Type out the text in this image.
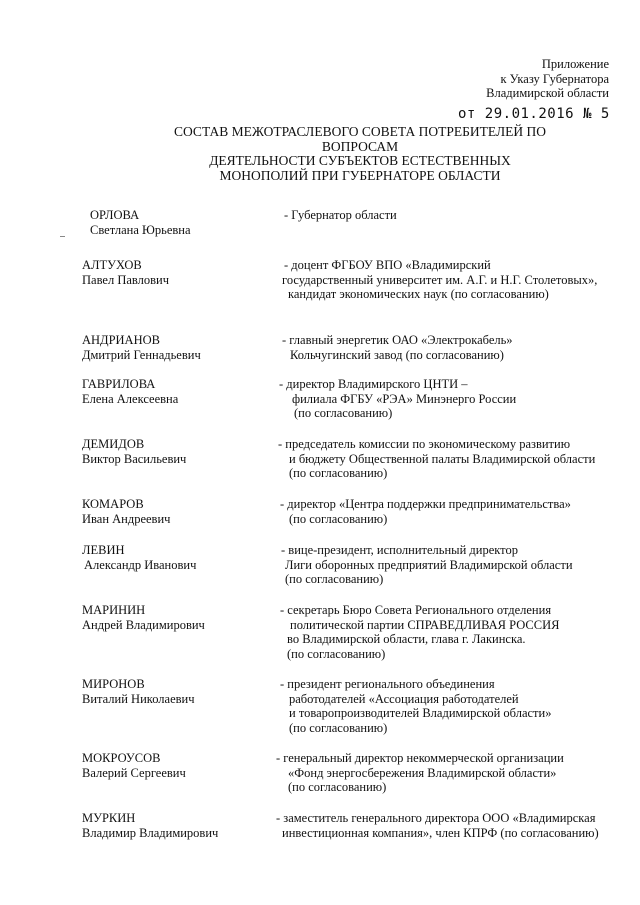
Приложение
к Указу Губернатора
Владимирской области
от 29.01.2016 № 5
СОСТАВ МЕЖОТРАСЛЕВОГО СОВЕТА ПОТРЕБИТЕЛЕЙ ПО ВОПРОСАМ
ДЕЯТЕЛЬНОСТИ СУБЪЕКТОВ ЕСТЕСТВЕННЫХ
МОНОПОЛИЙ ПРИ ГУБЕРНАТОРЕ ОБЛАСТИ
ОРЛОВА
Светлана Юрьевна
- Губернатор области
АЛТУХОВ
Павел Павлович
- доцент ФГБОУ ВПО «Владимирский
государственный университет им. А.Г. и Н.Г. Столетовых»,
кандидат экономических наук (по согласованию)
АНДРИАНОВ
Дмитрий Геннадьевич
- главный энергетик ОАО «Электрокабель»
Кольчугинский завод (по согласованию)
ГАВРИЛОВА
Елена Алексеевна
- директор Владимирского ЦНТИ –
филиала ФГБУ «РЭА» Минэнерго России
(по согласованию)
ДЕМИДОВ
Виктор Васильевич
- председатель комиссии по экономическому развитию
и бюджету Общественной палаты Владимирской области
(по согласованию)
КОМАРОВ
Иван Андреевич
- директор «Центра поддержки предпринимательства»
(по согласованию)
ЛЕВИН
Александр Иванович
- вице-президент, исполнительный директор
Лиги оборонных предприятий Владимирской области
(по согласованию)
МАРИНИН
Андрей Владимирович
- секретарь Бюро Совета Регионального отделения
политической партии СПРАВЕДЛИВАЯ РОССИЯ
во Владимирской области, глава г. Лакинска.
(по согласованию)
МИРОНОВ
Виталий Николаевич
- президент регионального объединения
работодателей «Ассоциация работодателей
и товаропроизводителей Владимирской области»
(по согласованию)
МОКРОУСОВ
Валерий Сергеевич
- генеральный директор некоммерческой организации
«Фонд энергосбережения Владимирской области»
(по согласованию)
МУРКИН
Владимир Владимирович
- заместитель генерального директора ООО «Владимирская
инвестиционная компания», член КПРФ (по согласованию)
